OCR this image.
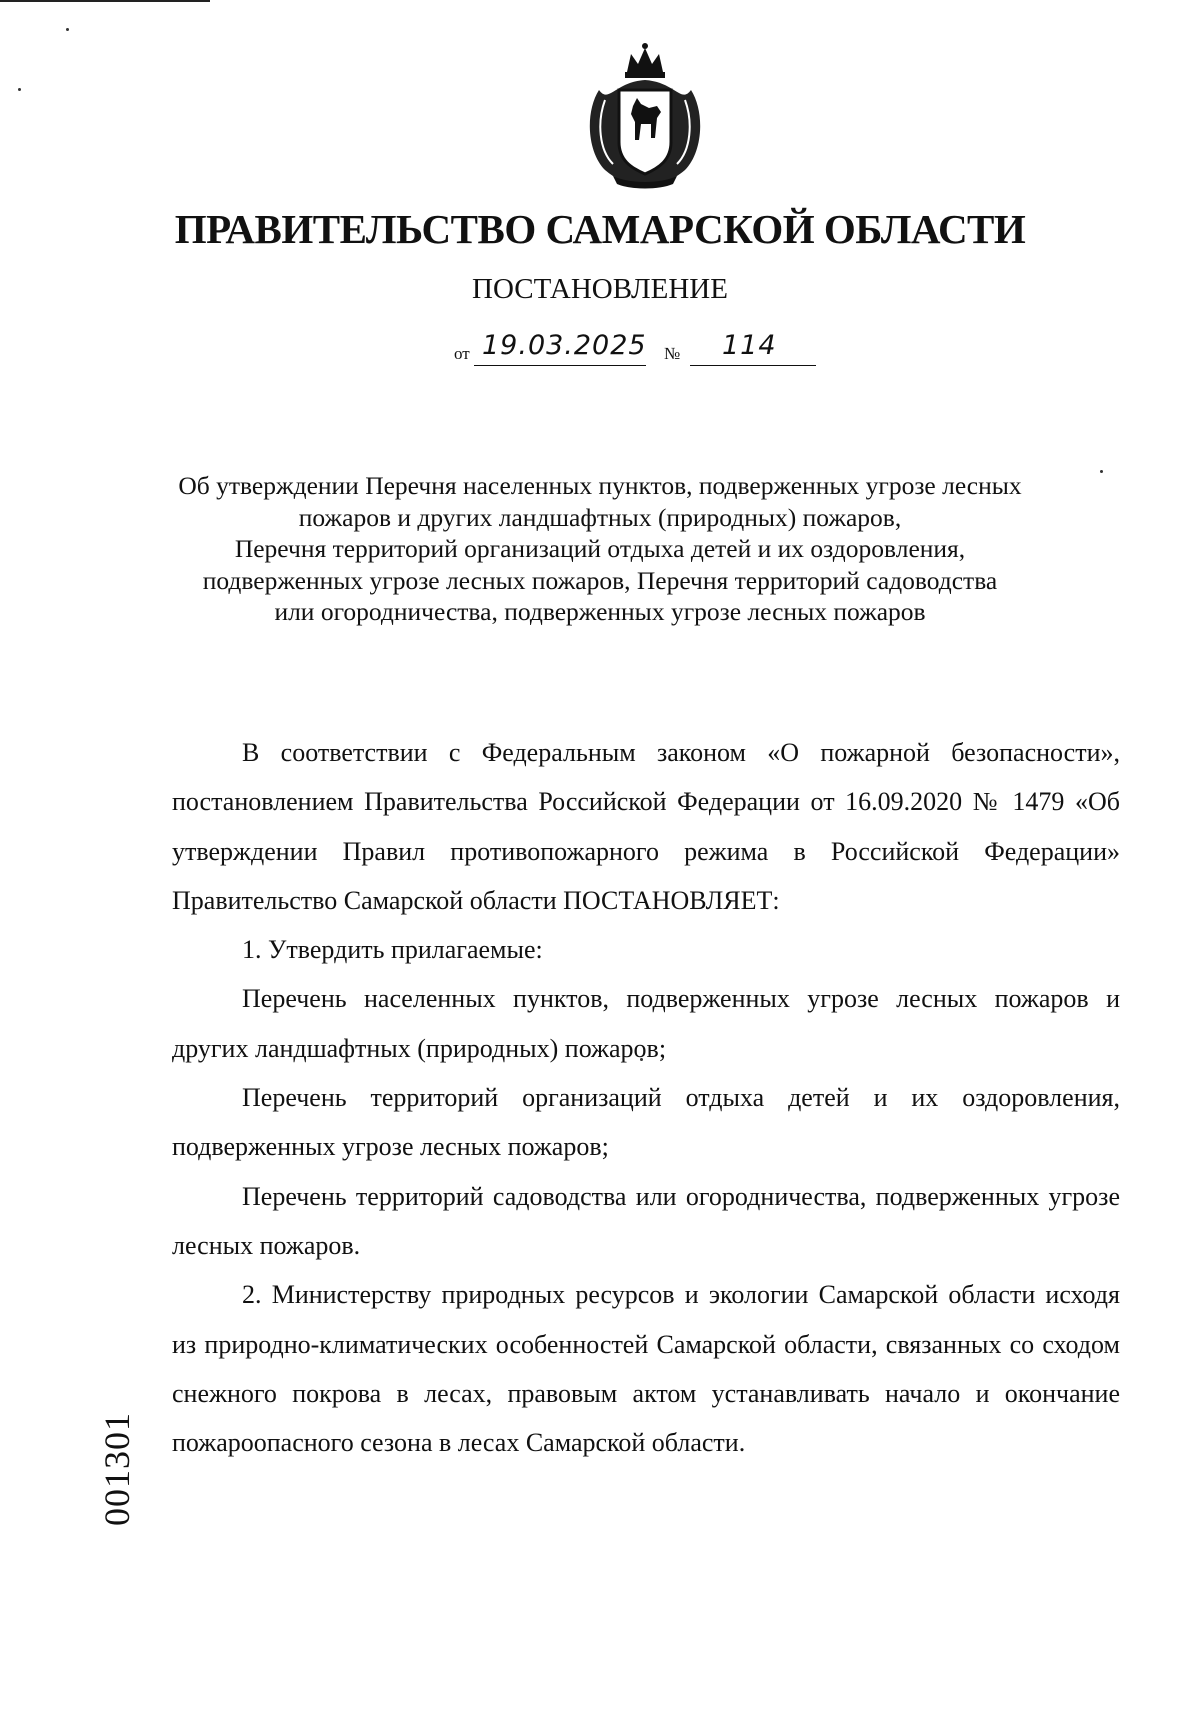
ПРАВИТЕЛЬСТВО САМАРСКОЙ ОБЛАСТИ
ПОСТАНОВЛЕНИЕ
от 19.03.2025 № 114
Об утверждении Перечня населенных пунктов, подверженных угрозе лесных
пожаров и других ландшафтных (природных) пожаров,
Перечня территорий организаций отдыха детей и их оздоровления,
подверженных угрозе лесных пожаров, Перечня территорий садоводства
или огородничества, подверженных угрозе лесных пожаров

В соответствии с Федеральным законом «О пожарной безопасности», постановлением Правительства Российской Федерации от 16.09.2020 № 1479 «Об утверждении Правил противопожарного режима в Российской Федерации» Правительство Самарской области ПОСТАНОВЛЯЕТ:

1. Утвердить прилагаемые:

Перечень населенных пунктов, подверженных угрозе лесных пожаров и других ландшафтных (природных) пожаров;

Перечень территорий организаций отдыха детей и их оздоровления, подверженных угрозе лесных пожаров;

Перечень территорий садоводства или огородничества, подверженных угрозе лесных пожаров.

2. Министерству природных ресурсов и экологии Самарской области исходя из природно-климатических особенностей Самарской области, связанных со сходом снежного покрова в лесах, правовым актом устанавливать начало и окончание пожароопасного сезона в лесах Самарской области.

001301
